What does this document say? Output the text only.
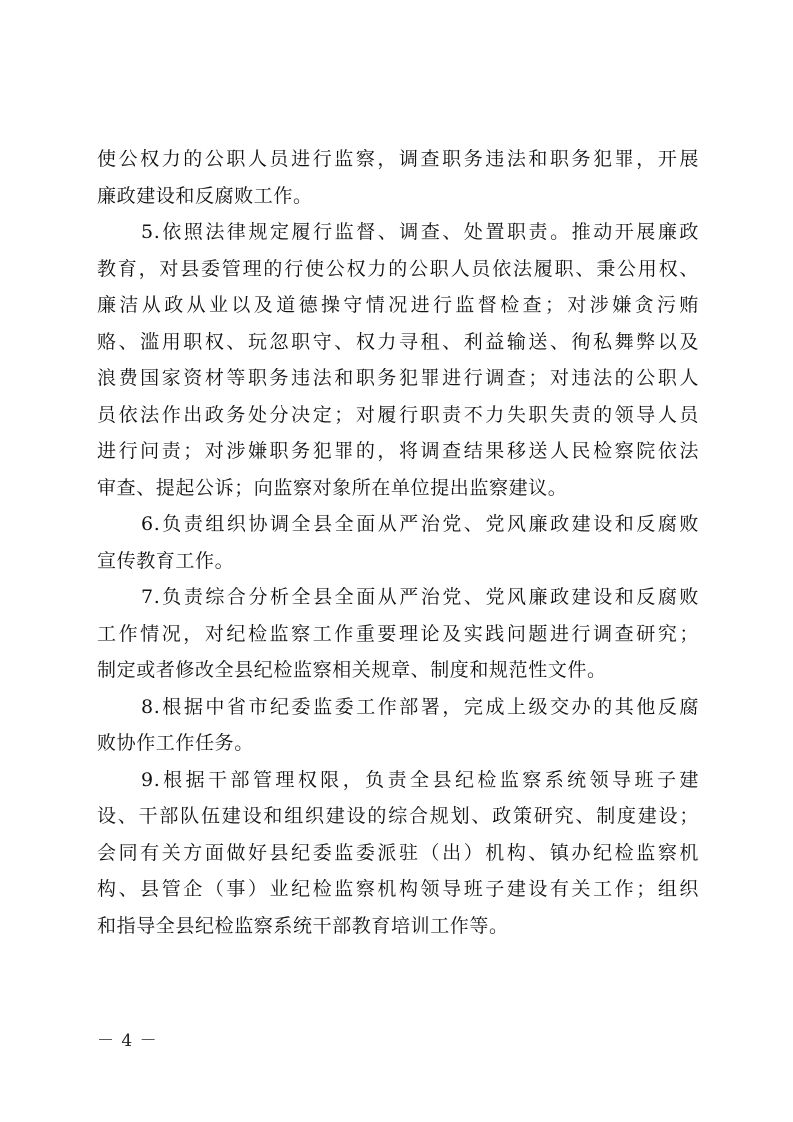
使公权力的公职人员进行监察，调查职务违法和职务犯罪，开展
廉政建设和反腐败工作。
5.依照法律规定履行监督、调查、处置职责。推动开展廉政
教育，对县委管理的行使公权力的公职人员依法履职、秉公用权、
廉洁从政从业以及道德操守情况进行监督检查；对涉嫌贪污贿
赂、滥用职权、玩忽职守、权力寻租、利益输送、徇私舞弊以及
浪费国家资材等职务违法和职务犯罪进行调查；对违法的公职人
员依法作出政务处分决定；对履行职责不力失职失责的领导人员
进行问责；对涉嫌职务犯罪的，将调查结果移送人民检察院依法
审查、提起公诉；向监察对象所在单位提出监察建议。
6.负责组织协调全县全面从严治党、党风廉政建设和反腐败
宣传教育工作。
7.负责综合分析全县全面从严治党、党风廉政建设和反腐败
工作情况，对纪检监察工作重要理论及实践问题进行调查研究；
制定或者修改全县纪检监察相关规章、制度和规范性文件。
8.根据中省市纪委监委工作部署，完成上级交办的其他反腐
败协作工作任务。
9.根据干部管理权限，负责全县纪检监察系统领导班子建
设、干部队伍建设和组织建设的综合规划、政策研究、制度建设；
会同有关方面做好县纪委监委派驻（出）机构、镇办纪检监察机
构、县管企（事）业纪检监察机构领导班子建设有关工作；组织
和指导全县纪检监察系统干部教育培训工作等。
－ 4 －
